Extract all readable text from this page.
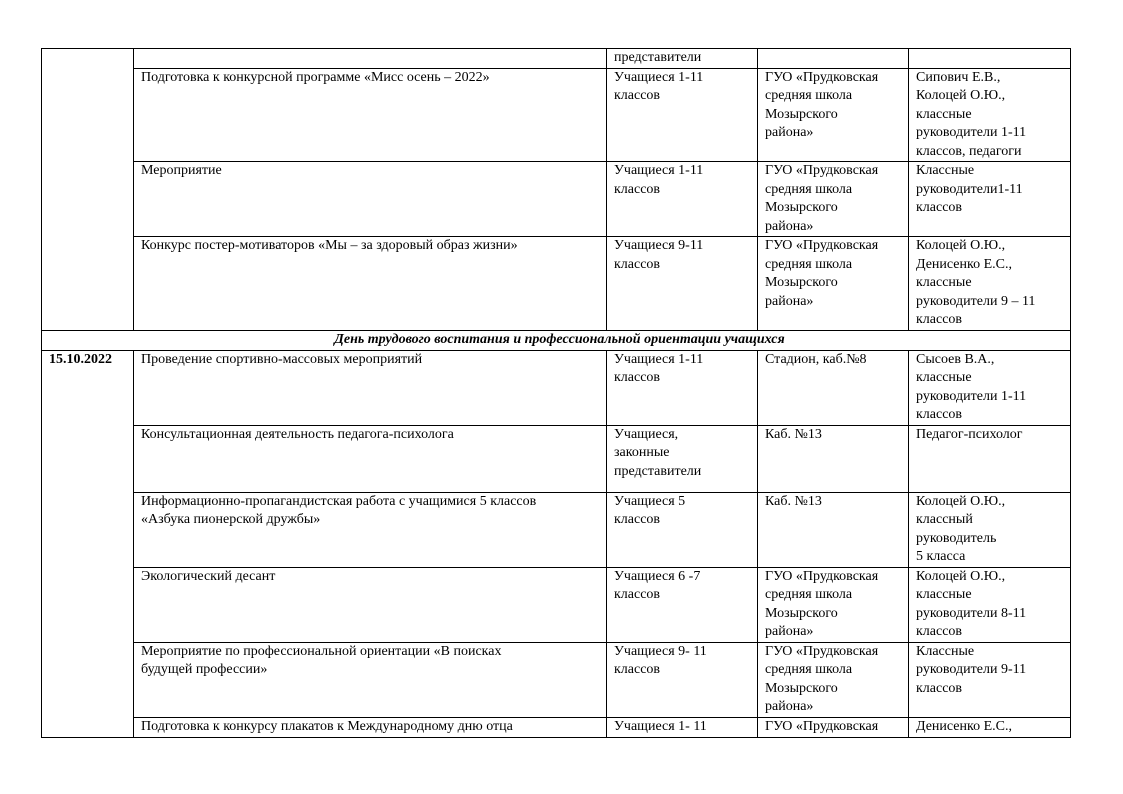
		представители		
	Подготовка к конкурсной программе «Мисс осень – 2022»	Учащиеся 1-11
классов	ГУО «Прудковская
средняя школа
Мозырского
района»	Сипович Е.В.,
Колоцей О.Ю.,
классные
руководители 1-11
классов, педагоги
	Мероприятие	Учащиеся 1-11
классов	ГУО «Прудковская
средняя школа
Мозырского
района»	Классные
руководители1-11
классов
	Конкурс постер-мотиваторов «Мы – за здоровый образ жизни»	Учащиеся 9-11
классов	ГУО «Прудковская
средняя школа
Мозырского
района»	Колоцей О.Ю.,
Денисенко Е.С.,
классные
руководители 9 – 11
классов
День трудового воспитания и профессиональной ориентации учащихся				
15.10.2022	Проведение спортивно-массовых мероприятий	Учащиеся 1-11
классов	Стадион, каб.№8	Сысоев В.А.,
классные
руководители 1-11
классов
	Консультационная деятельность педагога-психолога	Учащиеся,
законные
представители	Каб. №13	Педагог-психолог
	Информационно-пропагандистская работа с учащимися 5 классов
«Азбука пионерской дружбы»	Учащиеся 5
классов	Каб. №13	Колоцей О.Ю.,
классный
руководитель
5 класса
	Экологический десант	Учащиеся 6 -7
классов	ГУО «Прудковская
средняя школа
Мозырского
района»	Колоцей О.Ю.,
классные
руководители 8-11
классов
	Мероприятие по профессиональной ориентации «В поисках
будущей профессии»	Учащиеся 9- 11
классов	ГУО «Прудковская
средняя школа
Мозырского
района»	Классные
руководители 9-11
классов
	Подготовка к конкурсу плакатов к Международному дню отца	Учащиеся 1- 11	ГУО «Прудковская	Денисенко Е.С.,
